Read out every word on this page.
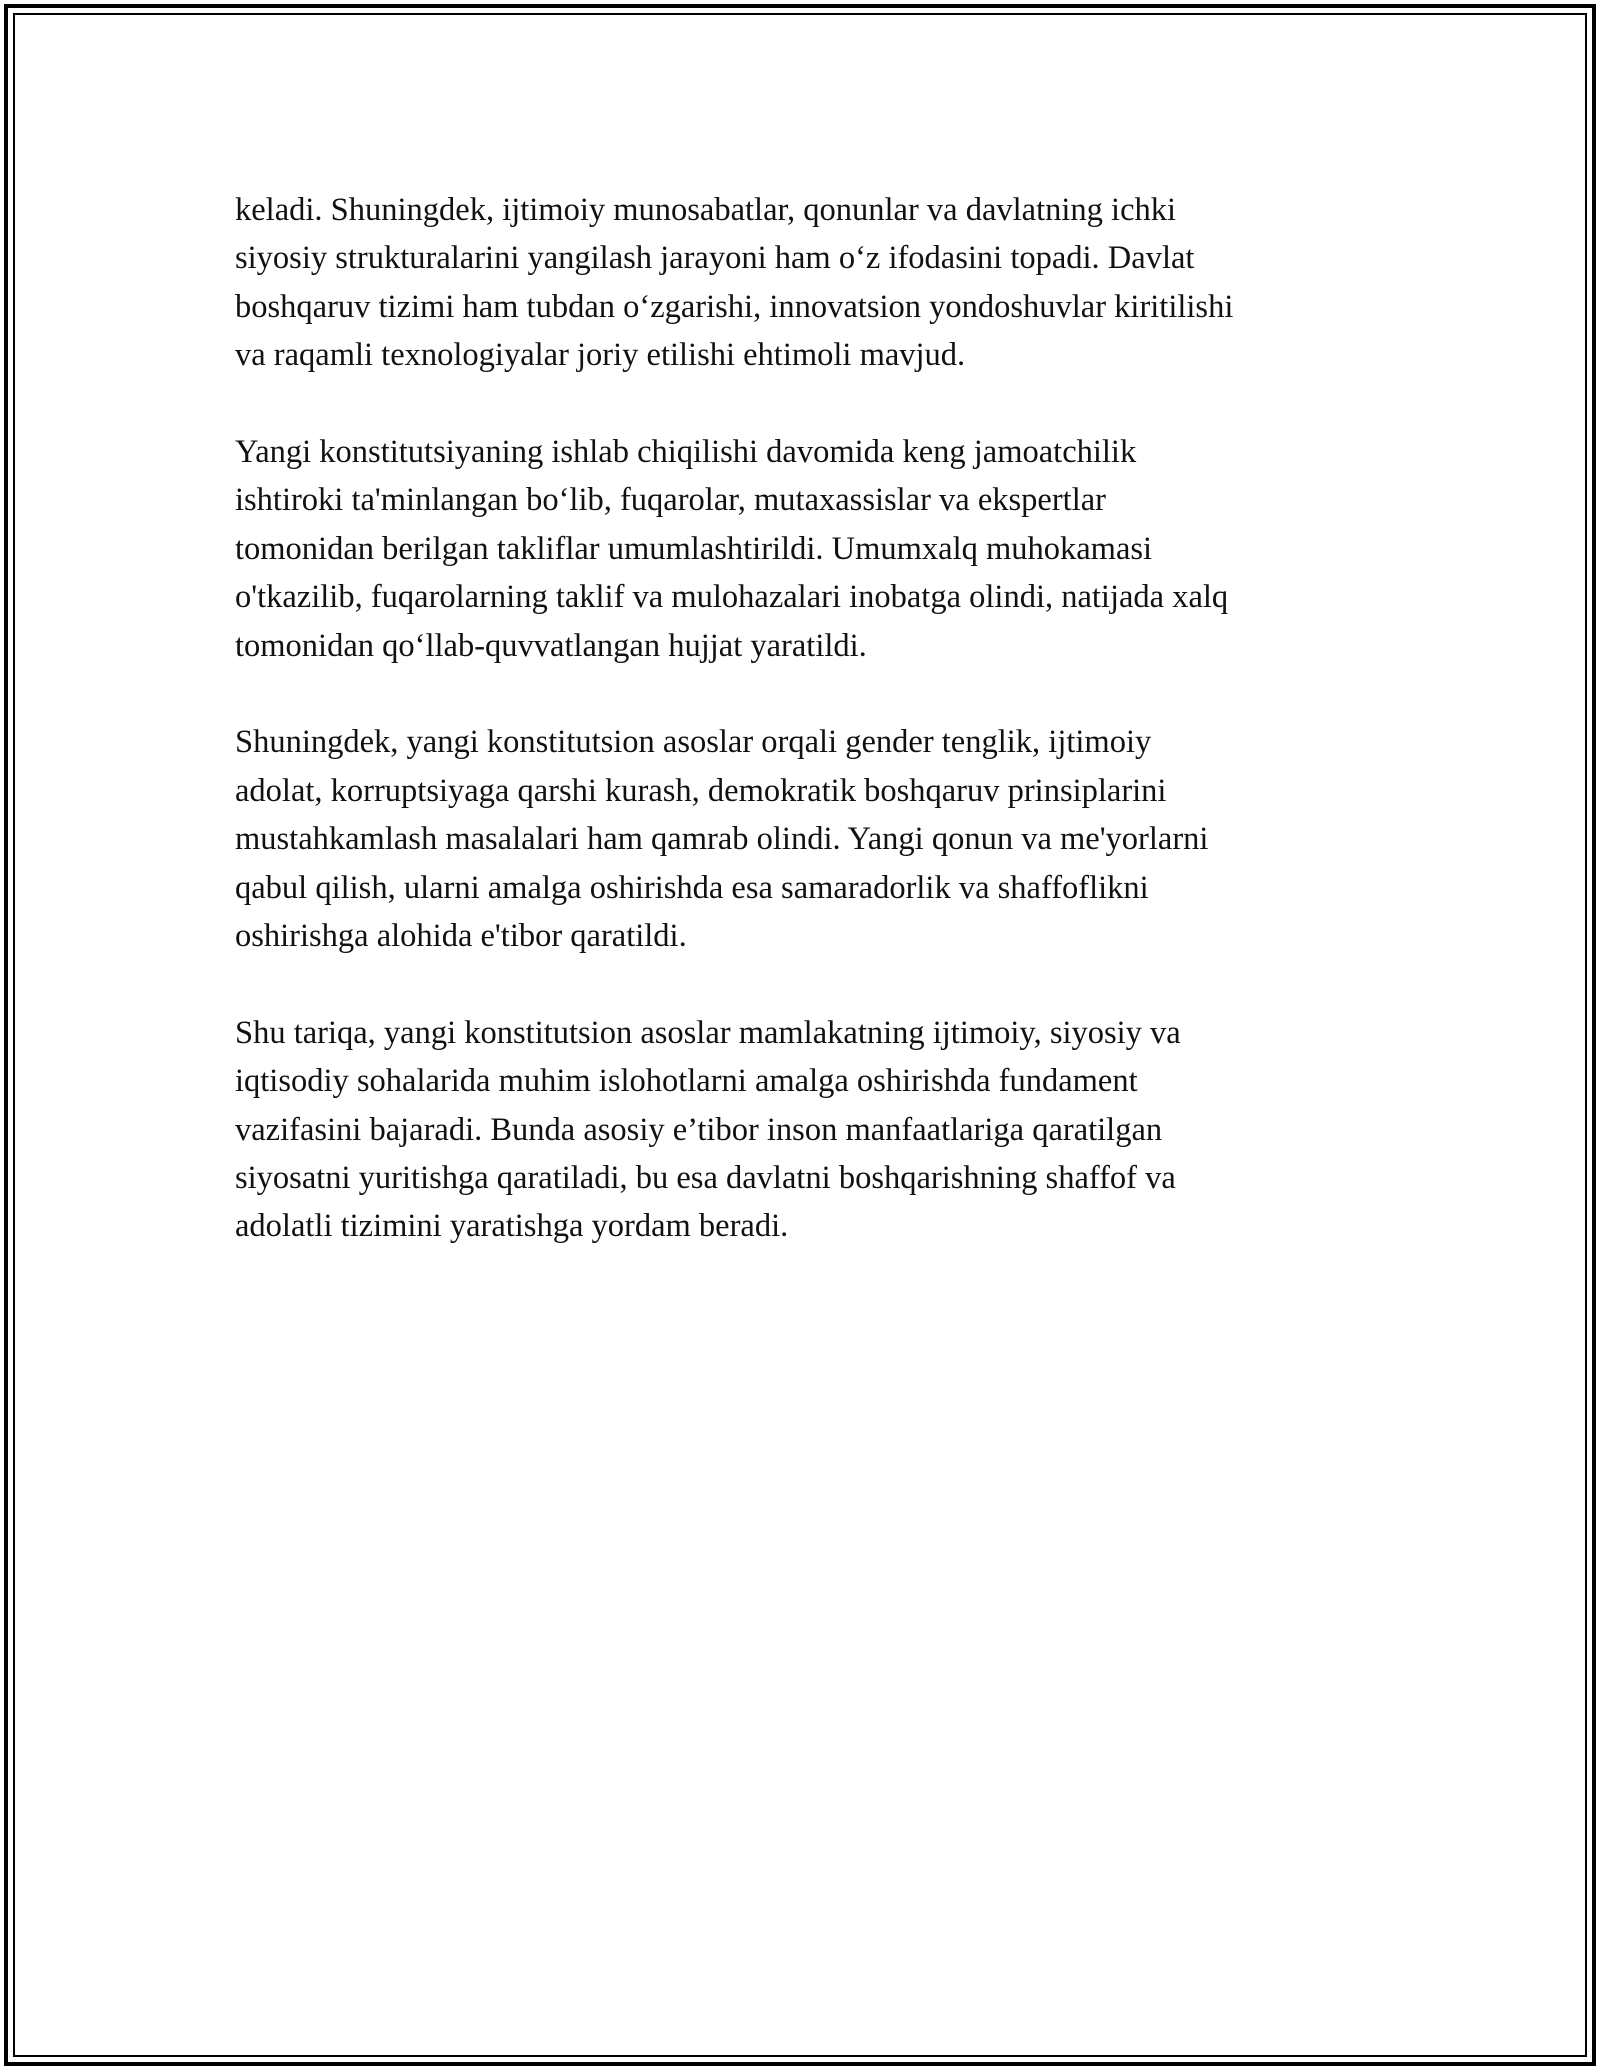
keladi. Shuningdek, ijtimoiy munosabatlar, qonunlar va davlatning ichki
siyosiy strukturalarini yangilash jarayoni ham o‘z ifodasini topadi. Davlat
boshqaruv tizimi ham tubdan o‘zgarishi, innovatsion yondoshuvlar kiritilishi
va raqamli texnologiyalar joriy etilishi ehtimoli mavjud.

Yangi konstitutsiyaning ishlab chiqilishi davomida keng jamoatchilik
ishtiroki ta'minlangan bo‘lib, fuqarolar, mutaxassislar va ekspertlar
tomonidan berilgan takliflar umumlashtirildi. Umumxalq muhokamasi
o'tkazilib, fuqarolarning taklif va mulohazalari inobatga olindi, natijada xalq
tomonidan qo‘llab-quvvatlangan hujjat yaratildi.

Shuningdek, yangi konstitutsion asoslar orqali gender tenglik, ijtimoiy
adolat, korruptsiyaga qarshi kurash, demokratik boshqaruv prinsiplarini
mustahkamlash masalalari ham qamrab olindi. Yangi qonun va me'yorlarni
qabul qilish, ularni amalga oshirishda esa samaradorlik va shaffoflikni
oshirishga alohida e'tibor qaratildi.

Shu tariqa, yangi konstitutsion asoslar mamlakatning ijtimoiy, siyosiy va
iqtisodiy sohalarida muhim islohotlarni amalga oshirishda fundament
vazifasini bajaradi. Bunda asosiy e’tibor inson manfaatlariga qaratilgan
siyosatni yuritishga qaratiladi, bu esa davlatni boshqarishning shaffof va
adolatli tizimini yaratishga yordam beradi.
